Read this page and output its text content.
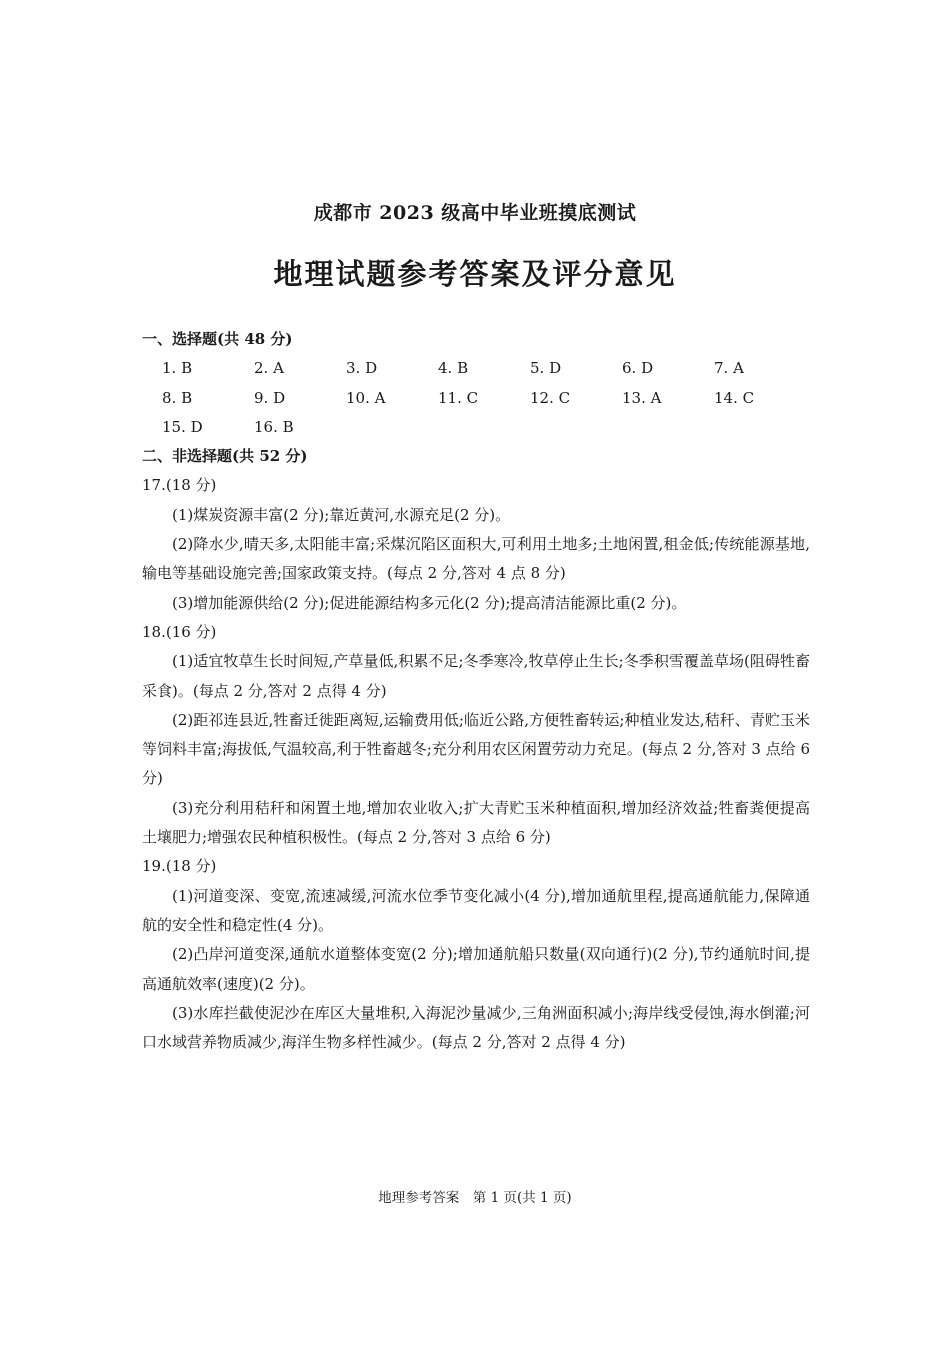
成都市 2023 级高中毕业班摸底测试
地理试题参考答案及评分意见
一、选择题(共 48 分)
1. B	2. A	3. D	4. B	5. D	6. D	7. A
8. B	9. D	10. A	11. C	12. C	13. A	14. C
15. D	16. B
二、非选择题(共 52 分)
17.(18 分)
(1)煤炭资源丰富(2 分);靠近黄河,水源充足(2 分)。
(2)降水少,晴天多,太阳能丰富;采煤沉陷区面积大,可利用土地多;土地闲置,租金低;传统能源基地,输电等基础设施完善;国家政策支持。(每点 2 分,答对 4 点 8 分)
(3)增加能源供给(2 分);促进能源结构多元化(2 分);提高清洁能源比重(2 分)。
18.(16 分)
(1)适宜牧草生长时间短,产草量低,积累不足;冬季寒冷,牧草停止生长;冬季积雪覆盖草场(阻碍牲畜采食)。(每点 2 分,答对 2 点得 4 分)
(2)距祁连县近,牲畜迁徙距离短,运输费用低;临近公路,方便牲畜转运;种植业发达,秸秆、青贮玉米等饲料丰富;海拔低,气温较高,利于牲畜越冬;充分利用农区闲置劳动力充足。(每点 2 分,答对 3 点给 6 分)
(3)充分利用秸秆和闲置土地,增加农业收入;扩大青贮玉米种植面积,增加经济效益;牲畜粪便提高土壤肥力;增强农民种植积极性。(每点 2 分,答对 3 点给 6 分)
19.(18 分)
(1)河道变深、变宽,流速减缓,河流水位季节变化减小(4 分),增加通航里程,提高通航能力,保障通航的安全性和稳定性(4 分)。
(2)凸岸河道变深,通航水道整体变宽(2 分);增加通航船只数量(双向通行)(2 分),节约通航时间,提高通航效率(速度)(2 分)。
(3)水库拦截使泥沙在库区大量堆积,入海泥沙量减少,三角洲面积减小;海岸线受侵蚀,海水倒灌;河口水域营养物质减少,海洋生物多样性减少。(每点 2 分,答对 2 点得 4 分)
地理参考答案　第 1 页(共 1 页)
